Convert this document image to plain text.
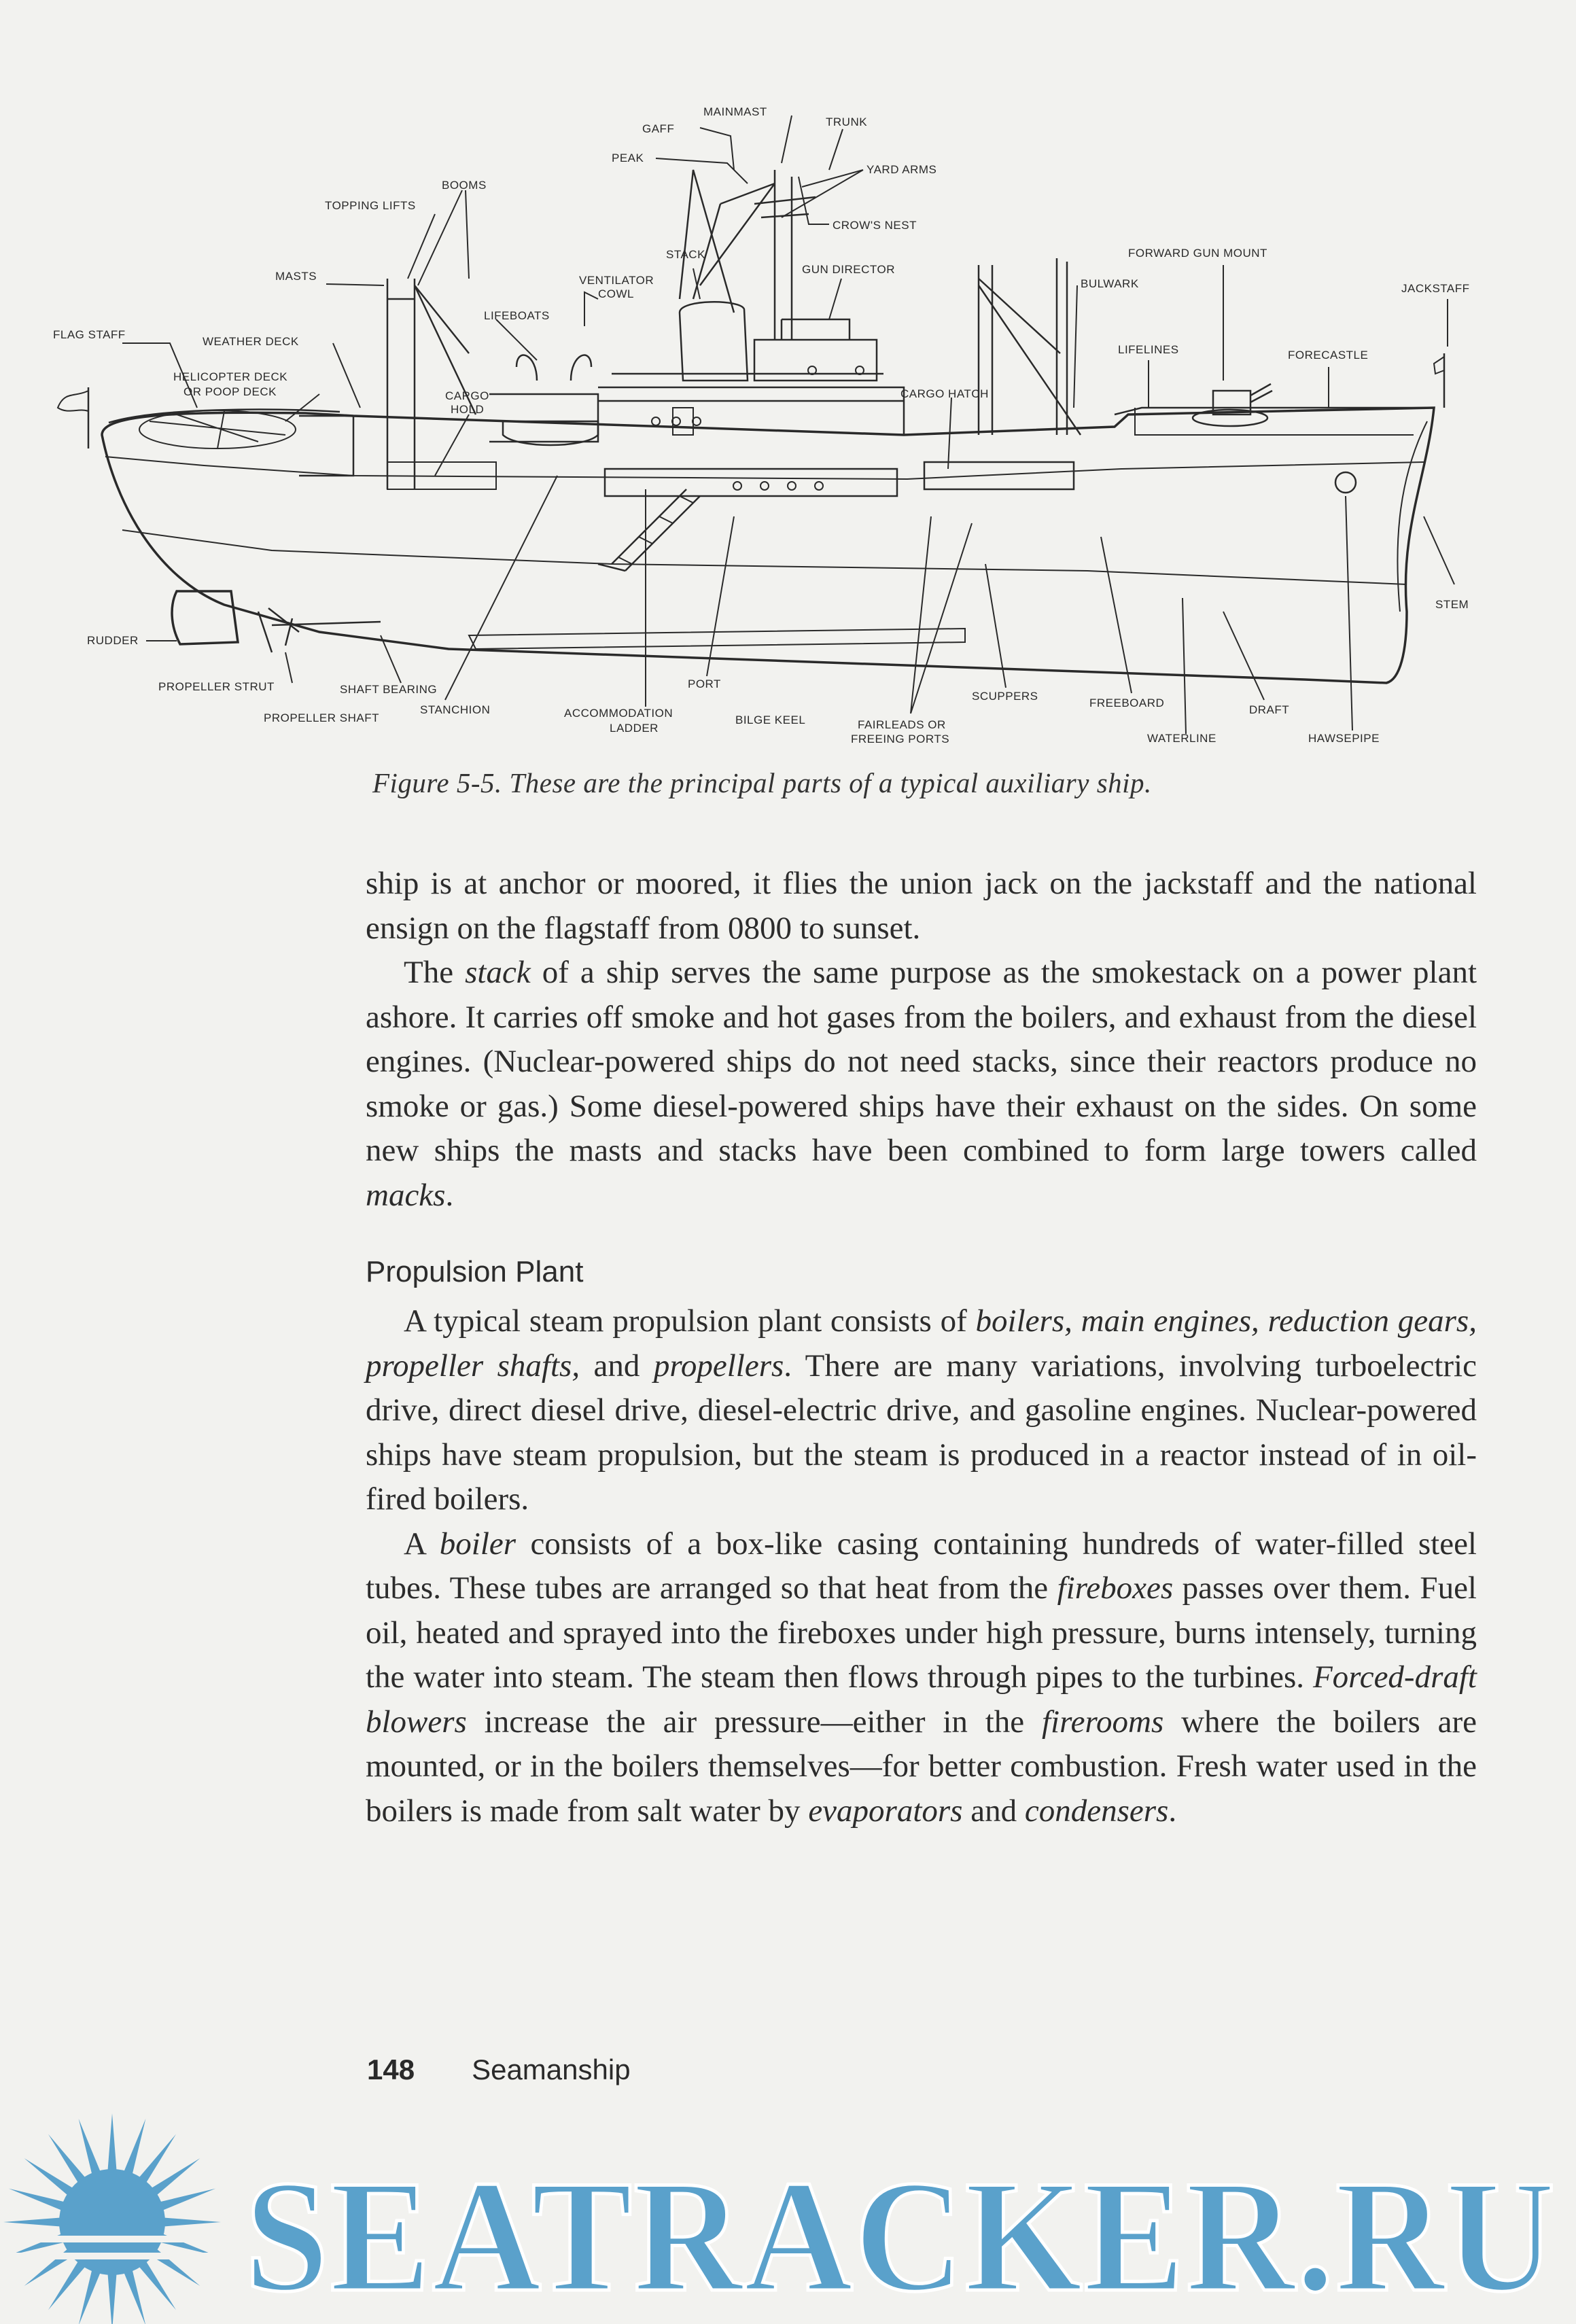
MAINMAST
GAFF
TRUNK
PEAK
YARD ARMS
BOOMS
TOPPING LIFTS
CROW'S NEST
STACK
GUN DIRECTOR
FORWARD GUN MOUNT
MASTS	VENTILATOR
COWL
BULWARK	JACKSTAFF
LIFEBOATS
FLAG STAFF
WEATHER DECK
LIFELINES	FORECASTLE
HELICOPTER DECK
OR POOP DECK	CARGO
HOLD
CARGO HATCH
STEM
RUDDER
PORT
SCUPPERS
PROPELLER STRUT	SHAFT BEARING
FREEBOARD
DRAFT
PROPELLER SHAFT
STANCHION	ACCOMMODATION
LADDER
BILGE KEEL	FAIRLEADS OR
FREEING PORTS	WATERLINE	HAWSEPIPE
Figure 5-5. These are the principal parts of a typical auxiliary ship.

ship is at anchor or moored, it flies the union jack on the jackstaff and the national ensign on the flagstaff from 0800 to sunset.

The stack of a ship serves the same purpose as the smokestack on a power plant ashore. It carries off smoke and hot gases from the boilers, and exhaust from the diesel engines. (Nuclear-powered ships do not need stacks, since their reactors produce no smoke or gas.) Some diesel-powered ships have their exhaust on the sides. On some new ships the masts and stacks have been combined to form large towers called macks.

Propulsion Plant

A typical steam propulsion plant consists of boilers, main engines, reduction gears, propeller shafts, and propellers. There are many variations, involving turboelectric drive, direct diesel drive, diesel-electric drive, and gasoline engines. Nuclear-powered ships have steam propulsion, but the steam is produced in a reactor instead of in oil-fired boilers.

A boiler consists of a box-like casing containing hundreds of water-filled steel tubes. These tubes are arranged so that heat from the fireboxes passes over them. Fuel oil, heated and sprayed into the fireboxes under high pressure, burns intensely, turning the water into steam. The steam then flows through pipes to the turbines. Forced-draft blowers increase the air pressure—either in the firerooms where the boilers are mounted, or in the boilers themselves—for better combustion. Fresh water used in the boilers is made from salt water by evaporators and condensers.

148 Seamanship
SEATRACKER.RU
